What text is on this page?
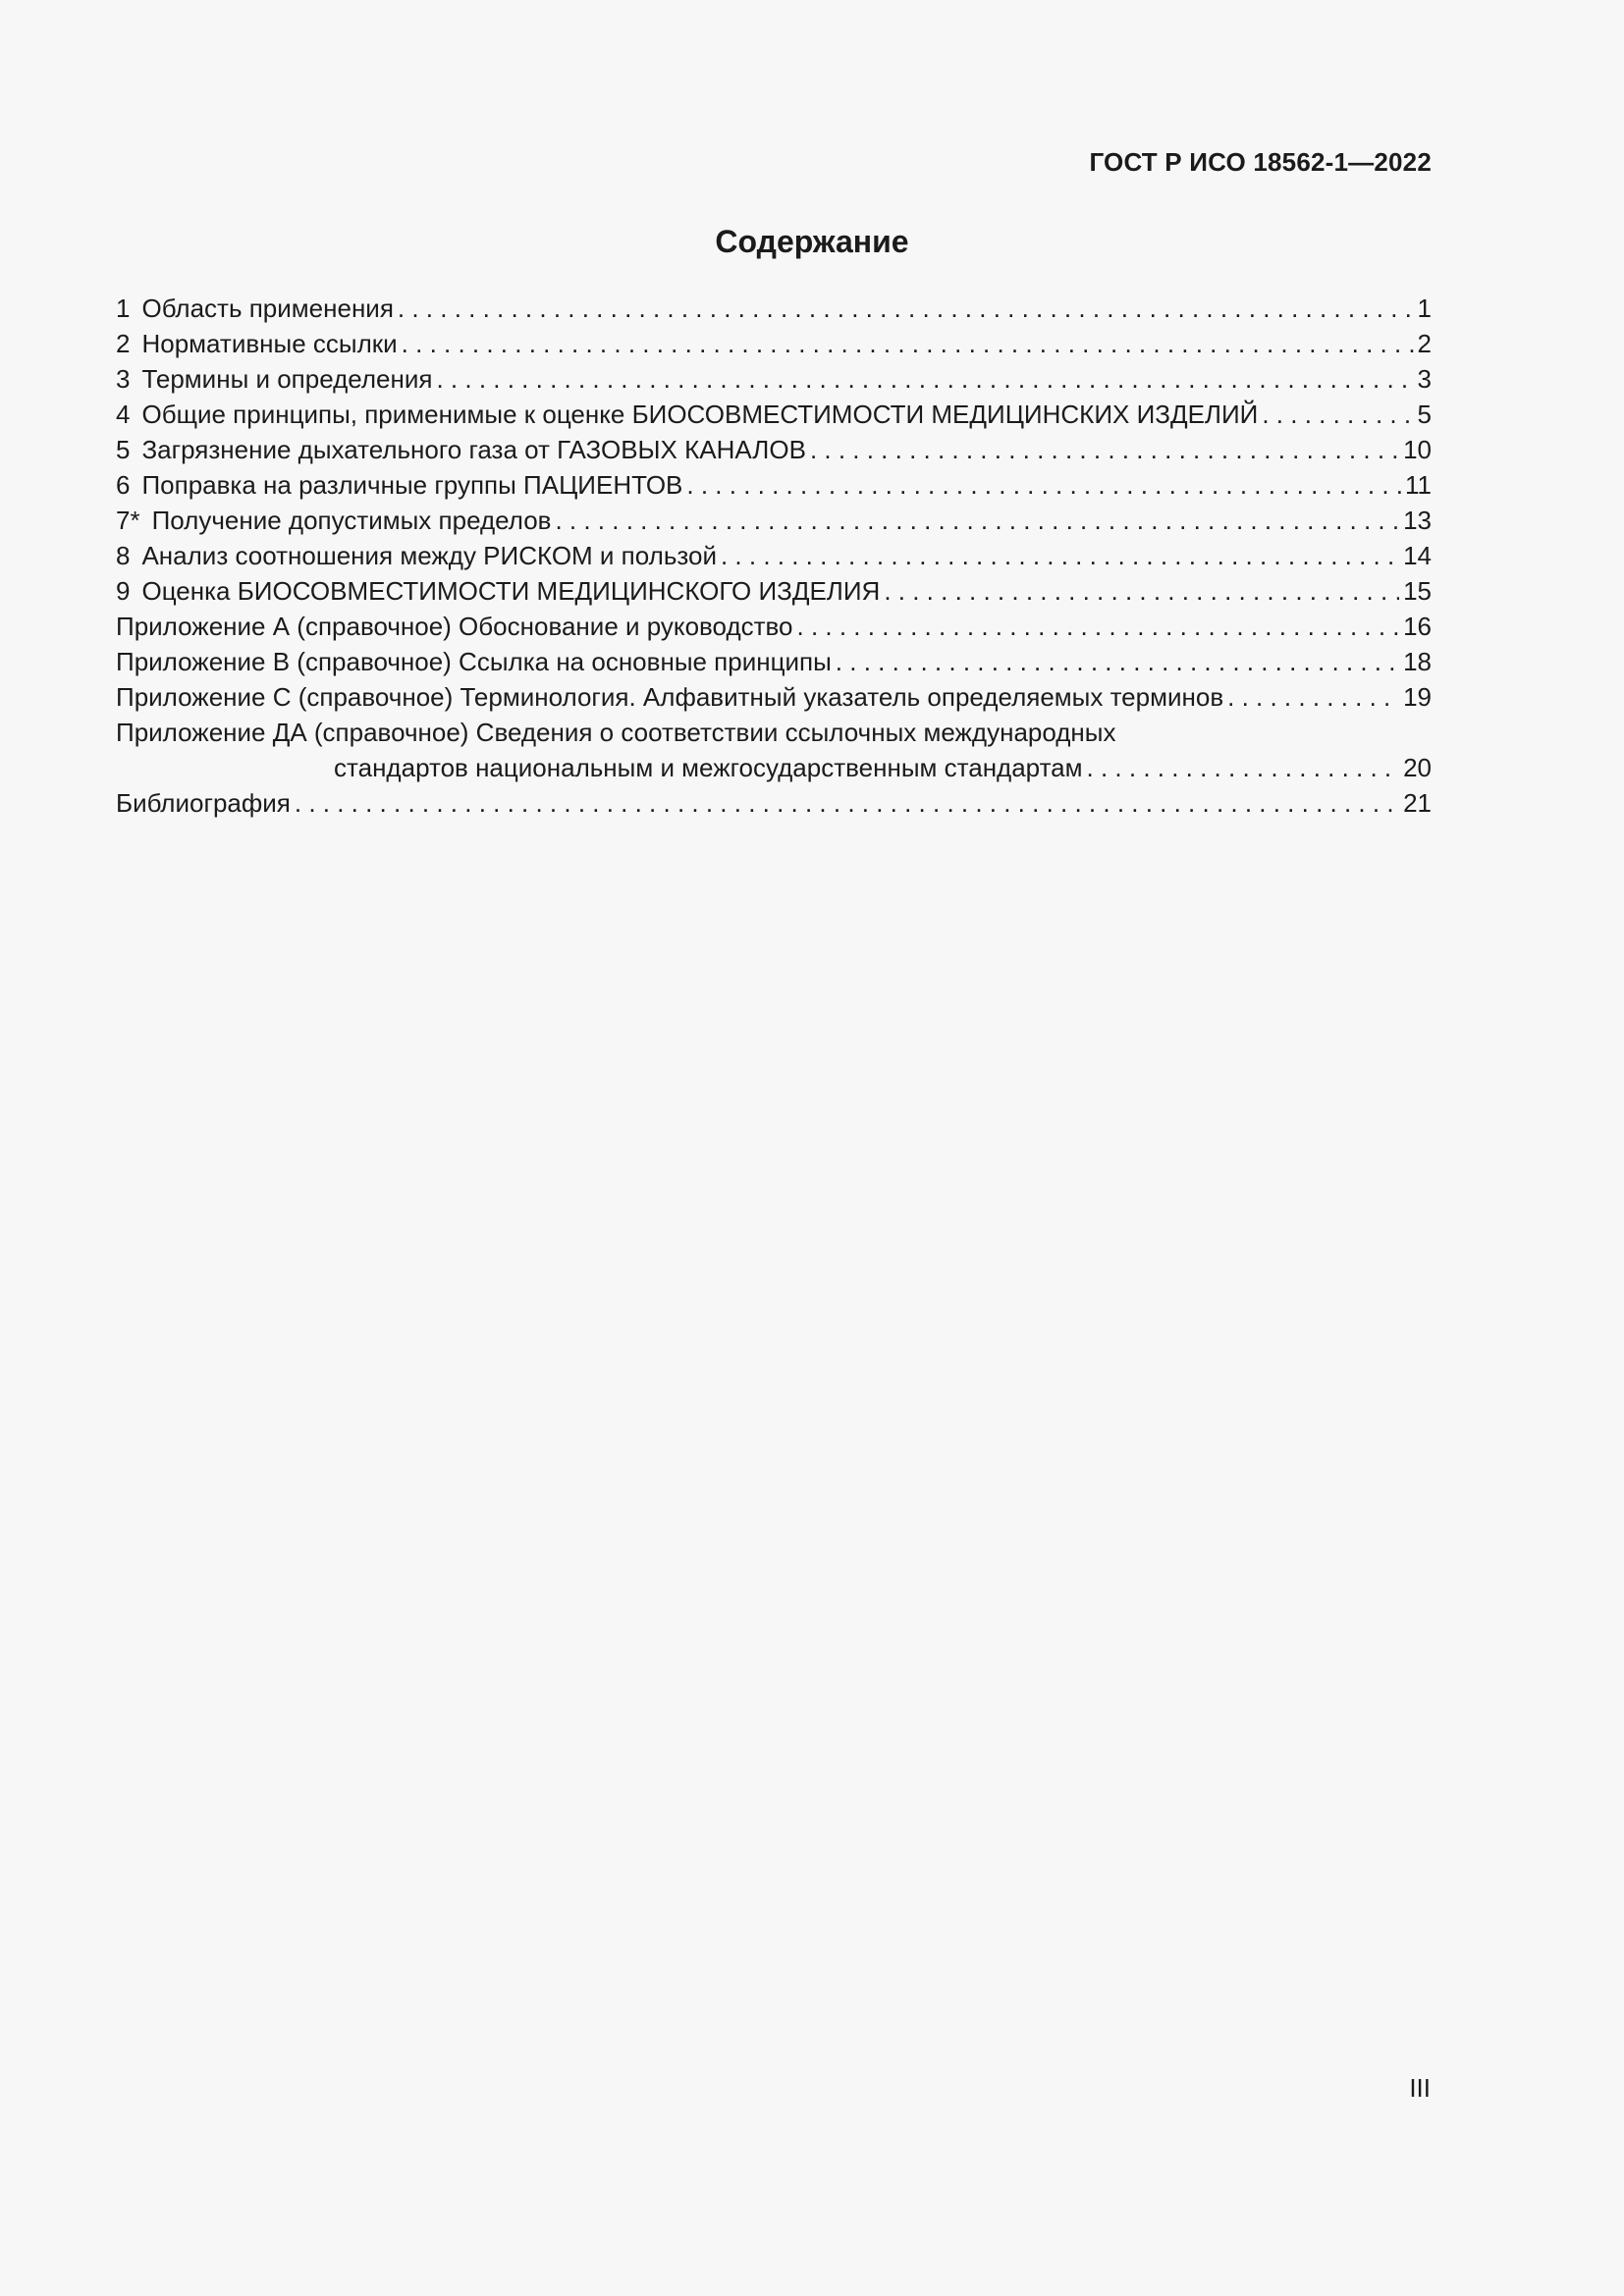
ГОСТ Р ИСО 18562-1—2022
Содержание
1 Область применения . . .	1
2 Нормативные ссылки . . .	2
3 Термины и определения . . .	3
4 Общие принципы, применимые к оценке БИОСОВМЕСТИМОСТИ МЕДИЦИНСКИХ ИЗДЕЛИЙ . . .	5
5 Загрязнение дыхательного газа от ГАЗОВЫХ КАНАЛОВ . . .	10
6 Поправка на различные группы ПАЦИЕНТОВ . . .	11
7* Получение допустимых пределов . . .	13
8 Анализ соотношения между РИСКОМ и пользой . . .	14
9 Оценка БИОСОВМЕСТИМОСТИ МЕДИЦИНСКОГО ИЗДЕЛИЯ . . .	15
Приложение А (справочное) Обоснование и руководство . . .	16
Приложение В (справочное) Ссылка на основные принципы . . .	18
Приложение С (справочное) Терминология. Алфавитный указатель определяемых терминов . . .	19
Приложение ДА (справочное) Сведения о соответствии ссылочных международных
стандартов национальным и межгосударственным стандартам . . .	20
Библиография . . .	21
III
